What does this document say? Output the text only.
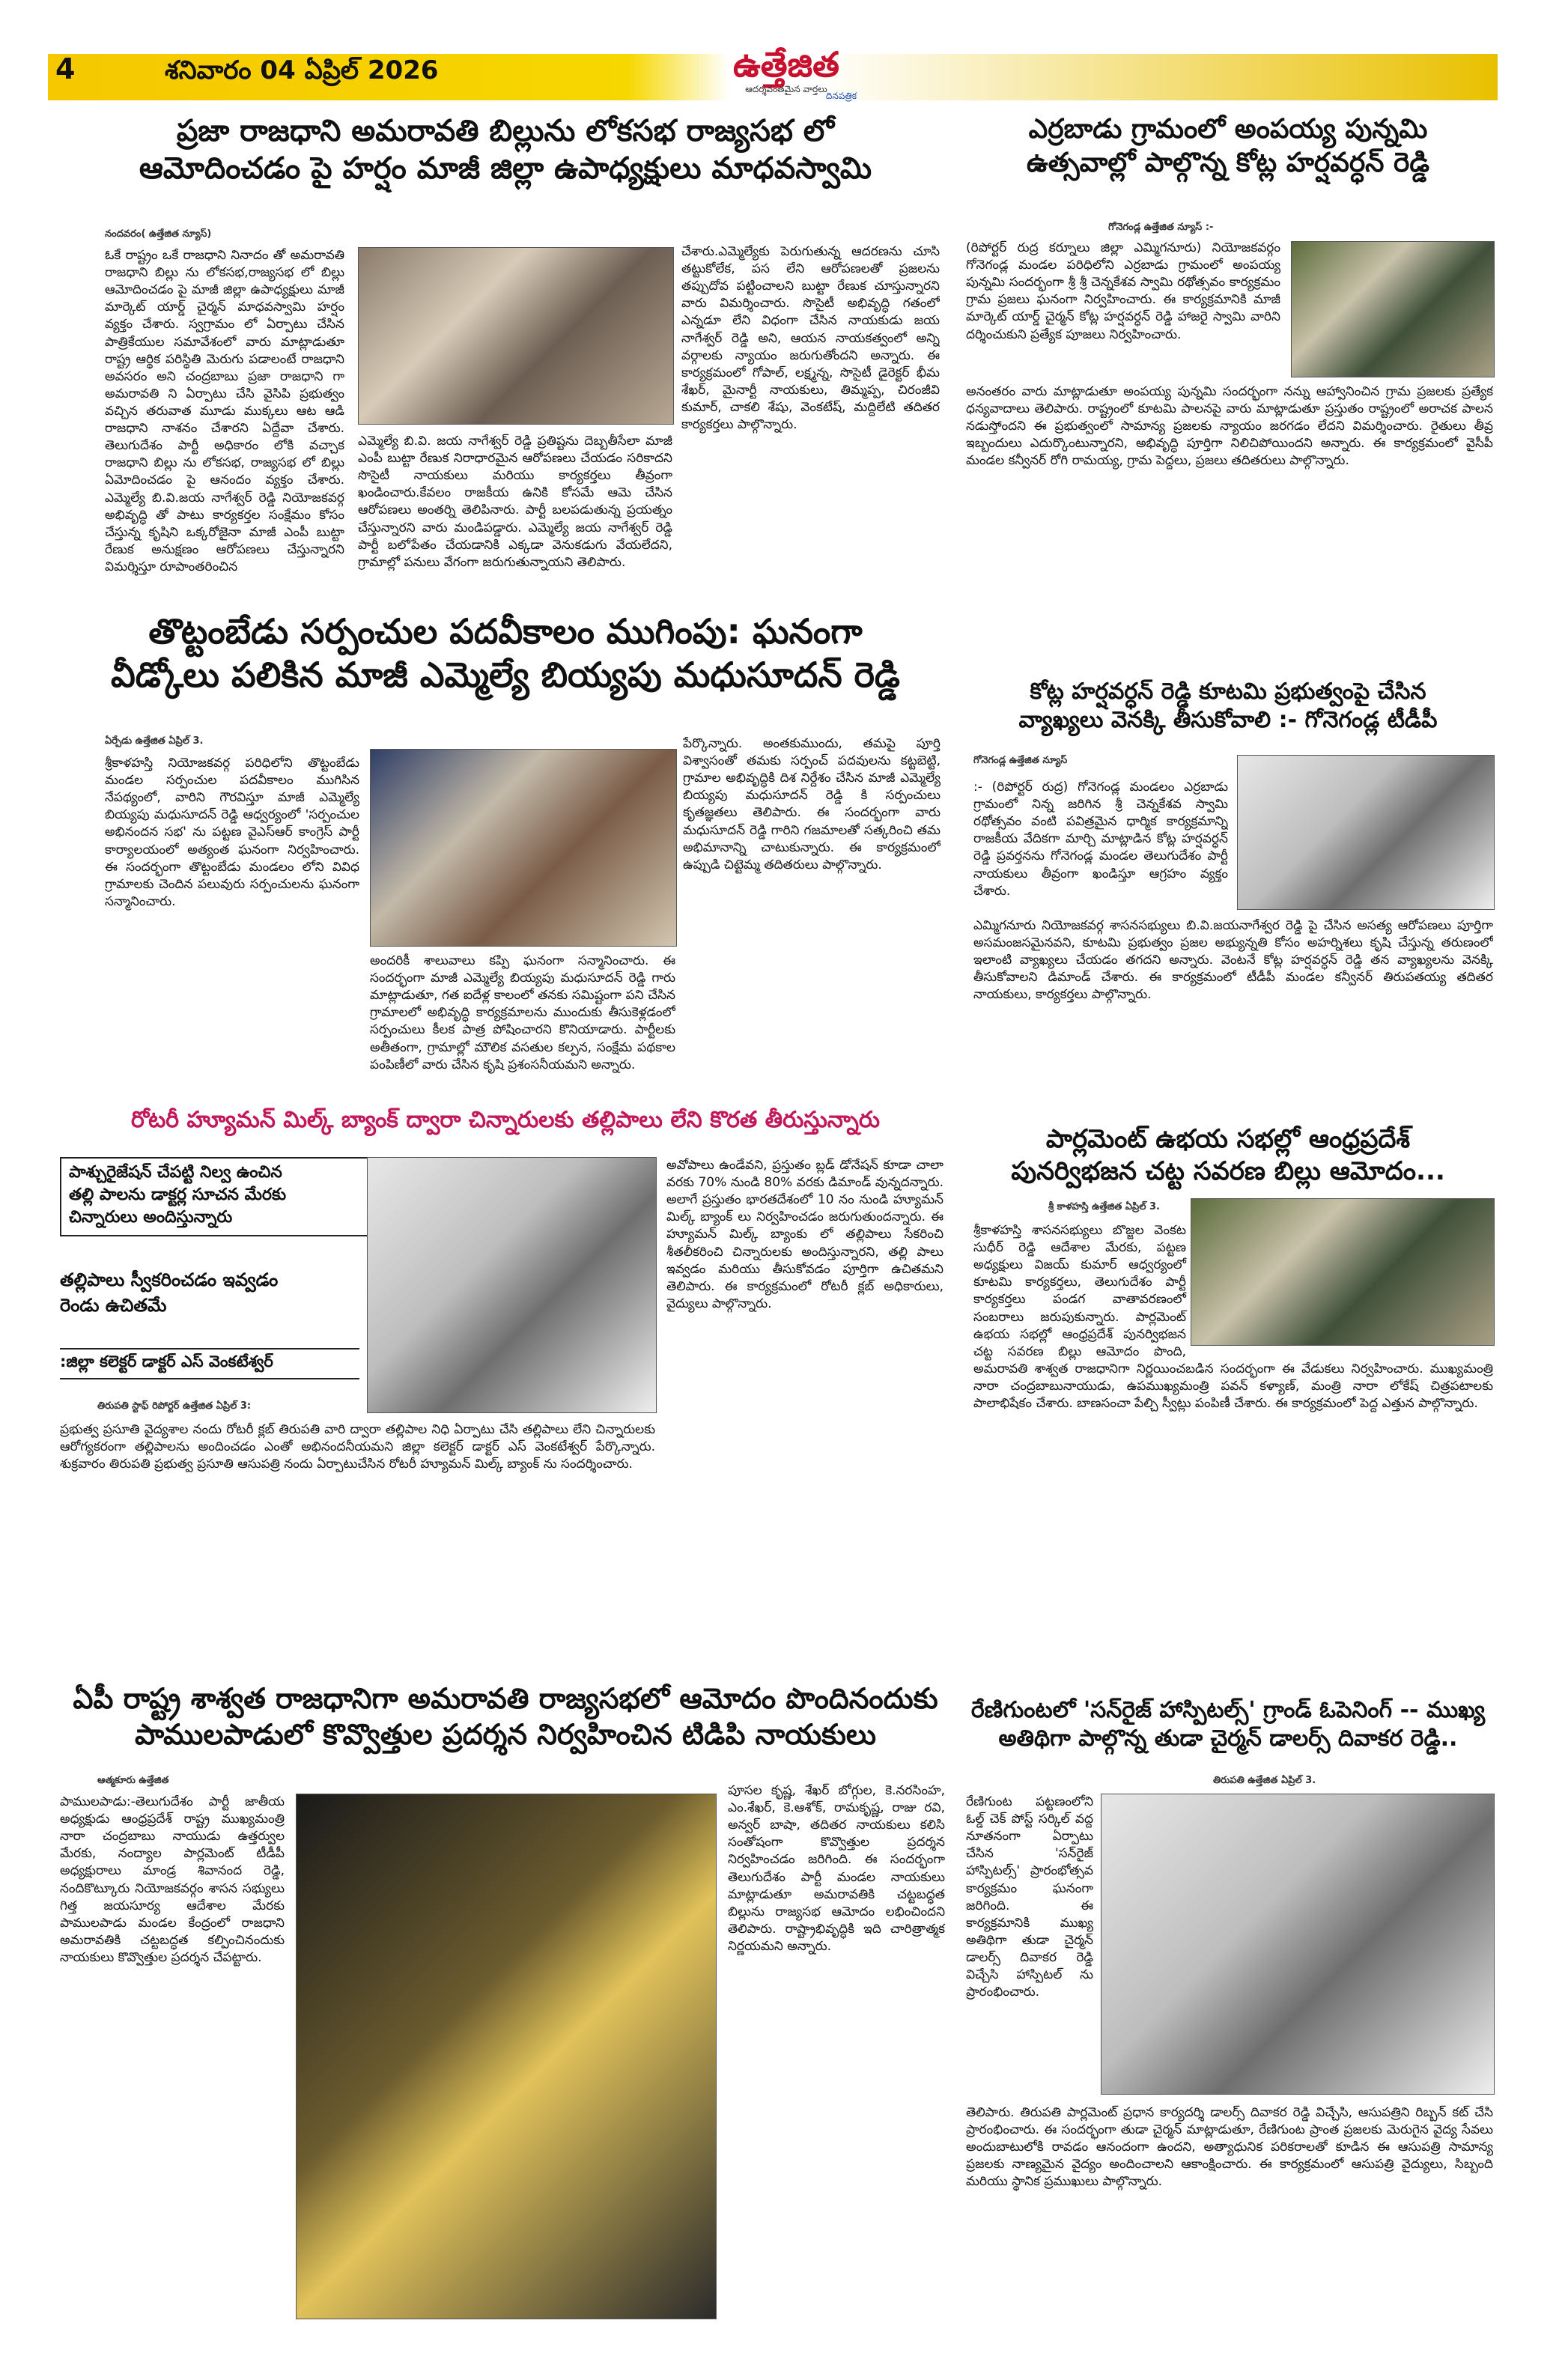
4	శనివారం 04 ఏప్రిల్ 2026	ఉత్తేజిత
ఆదర్శవంతమైన వార్తలు
దినపత్రిక
ప్రజా రాజధాని అమరావతి బిల్లును లోకసభ రాజ్యసభ లో
ఆమోదించడం పై హర్షం మాజీ జిల్లా ఉపాధ్యక్షులు మాధవస్వామి
నందవరం( ఉత్తేజిత న్యూస్)
ఓకే రాష్ట్రం ఒకే రాజధాని నినాదం తో అమరావతి రాజధాని బిల్లు ను లోకసభ,రాజ్యసభ లో బిల్లు ఆమోదించడం పై మాజీ జిల్లా ఉపాధ్యక్షులు మాజీ మార్కెట్ యార్డ్ చైర్మన్ మాధవస్వామి హర్షం వ్యక్తం చేశారు. స్వగ్రామం లో ఏర్పాటు చేసిన పాత్రికేయుల సమావేశంలో వారు మాట్లాడుతూ రాష్ట్ర ఆర్థిక పరిస్థితి మెరుగు పడాలంటే రాజధాని అవసరం అని చంద్రబాబు ప్రజా రాజధాని గా అమరావతి ని ఏర్పాటు చేసి వైసిపి ప్రభుత్వం వచ్చిన తరువాత మూడు ముక్కలు ఆట ఆడి రాజధాని నాశనం చేశారని ఏద్దేవా చేశారు. తెలుగుదేశం పార్టీ అధికారం లోకి వచ్చాక రాజధాని బిల్లు ను లోకసభ, రాజ్యసభ లో బిల్లు ఏమోదించడం పై ఆనందం వ్యక్తం చేశారు. ఎమ్మెల్యే బి.వి.జయ నాగేశ్వర్ రెడ్డి నియోజకవర్గ అభివృద్ధి తో పాటు కార్యకర్తల సంక్షేమం కోసం చేస్తున్న కృషిని ఒక్కరోజైనా మాజీ ఎంపీ బుట్టా రేణుక అనుక్షణం ఆరోపణలు చేస్తున్నారని విమర్శిస్తూ రూపాంతరించిన
ఎమ్మెల్యే బి.వి. జయ నాగేశ్వర్ రెడ్డి ప్రతిష్టను దెబ్బతీసేలా మాజీ ఎంపీ బుట్టా రేణుక నిరాధారమైన ఆరోపణలు చేయడం సరికాదని సొసైటీ నాయకులు మరియు కార్యకర్తలు తీవ్రంగా ఖండించారు.కేవలం రాజకీయ ఉనికి కోసమే ఆమె చేసిన ఆరోపణలు అంతర్ని తెలిపినారు. పార్టీ బలపడుతున్న ప్రయత్నం చేస్తున్నారని వారు మండిపడ్డారు. ఎమ్మెల్యే జయ నాగేశ్వర్ రెడ్డి పార్టీ బలోపేతం చేయడానికి ఎక్కడా వెనుకడుగు వేయలేదని, గ్రామాల్లో పనులు వేగంగా జరుగుతున్నాయని తెలిపారు.
చేశారు.ఎమ్మెల్యేకు పెరుగుతున్న ఆదరణను చూసి తట్టుకోలేక, పస లేని ఆరోపణలతో ప్రజలను తప్పుదోవ పట్టించాలని బుట్టా రేణుక చూస్తున్నారని వారు విమర్శించారు. సొసైటీ అభివృద్ధి గతంలో ఎన్నడూ లేని విధంగా చేసిన నాయకుడు జయ నాగేశ్వర్ రెడ్డి అని, ఆయన నాయకత్వంలో అన్ని వర్గాలకు న్యాయం జరుగుతోందని అన్నారు. ఈ కార్యక్రమంలో గోపాల్, లక్ష్మన్న, సొసైటీ డైరెక్టర్ భీమ శేఖర్, మైనార్టీ నాయకులు, తిమ్మప్ప, చిరంజీవి కుమార్, చాకలి శేషు, వెంకటేష్, మద్దిలేటి తదితర కార్యకర్తలు పాల్గొన్నారు.
ఎర్రబాడు గ్రామంలో అంపయ్య పున్నమి
ఉత్సవాల్లో పాల్గొన్న కోట్ల హర్షవర్ధన్ రెడ్డి
గోనెగండ్ల ఉత్తేజిత న్యూస్ :-
(రిపోర్టర్ రుద్ర కర్నూలు జిల్లా ఎమ్మిగనూరు) నియోజకవర్గం గోనెగండ్ల మండల పరిధిలోని ఎర్రబాడు గ్రామంలో అంపయ్య పున్నమి సందర్భంగా శ్రీ శ్రీ చెన్నకేశవ స్వామి రథోత్సవం కార్యక్రమం గ్రామ ప్రజలు ఘనంగా నిర్వహించారు. ఈ కార్యక్రమానికి మాజీ మార్కెట్ యార్డ్ చైర్మన్ కోట్ల హర్షవర్ధన్ రెడ్డి హాజరై స్వామి వారిని దర్శించుకుని ప్రత్యేక పూజలు నిర్వహించారు.
అనంతరం వారు మాట్లాడుతూ అంపయ్య పున్నమి సందర్భంగా నన్ను ఆహ్వానించిన గ్రామ ప్రజలకు ప్రత్యేక ధన్యవాదాలు తెలిపారు. రాష్ట్రంలో కూటమి పాలనపై వారు మాట్లాడుతూ ప్రస్తుతం రాష్ట్రంలో అరాచక పాలన నడుస్తోందని ఈ ప్రభుత్వంలో సామాన్య ప్రజలకు న్యాయం జరగడం లేదని విమర్శించారు. రైతులు తీవ్ర ఇబ్బందులు ఎదుర్కొంటున్నారని, అభివృద్ధి పూర్తిగా నిలిచిపోయిందని అన్నారు. ఈ కార్యక్రమంలో వైసీపీ మండల కన్వీనర్ రోగి రామయ్య, గ్రామ పెద్దలు, ప్రజలు తదితరులు పాల్గొన్నారు.
తొట్టంబేడు సర్పంచుల పదవీకాలం ముగింపు: ఘనంగా
వీడ్కోలు పలికిన మాజీ ఎమ్మెల్యే బియ్యపు మధుసూదన్ రెడ్డి
ఏర్పేడు ఉత్తేజిత ఏప్రిల్ 3.
శ్రీకాళహస్తి నియోజకవర్గ పరిధిలోని తొట్టంబేడు మండల సర్పంచుల పదవీకాలం ముగిసిన నేపథ్యంలో, వారిని గౌరవిస్తూ మాజీ ఎమ్మెల్యే బియ్యపు మధుసూదన్ రెడ్డి ఆధ్వర్యంలో 'సర్పంచుల అభినందన సభ' ను పట్టణ వైఎస్ఆర్ కాంగ్రెస్ పార్టీ కార్యాలయంలో అత్యంత ఘనంగా నిర్వహించారు. ఈ సందర్భంగా తొట్టంబేడు మండలం లోని వివిధ గ్రామాలకు చెందిన పలువురు సర్పంచులను ఘనంగా సన్మానించారు.
అందరికీ శాలువాలు కప్పి ఘనంగా సన్మానించారు. ఈ సందర్భంగా మాజీ ఎమ్మెల్యే బియ్యపు మధుసూదన్ రెడ్డి గారు మాట్లాడుతూ, గత ఐదేళ్ల కాలంలో తనకు సమిష్టంగా పని చేసిన గ్రామాలలో అభివృద్ధి కార్యక్రమాలను ముందుకు తీసుకెళ్లడంలో సర్పంచులు కీలక పాత్ర పోషించారని కొనియాడారు. పార్టీలకు అతీతంగా, గ్రామాల్లో మౌలిక వసతుల కల్పన, సంక్షేమ పథకాల పంపిణీలో వారు చేసిన కృషి ప్రశంసనీయమని అన్నారు.
పేర్కొన్నారు. అంతకుముందు, తమపై పూర్తి విశ్వాసంతో తమకు సర్పంచ్ పదవులను కట్టబెట్టి, గ్రామాల అభివృద్ధికి దిశ నిర్దేశం చేసిన మాజీ ఎమ్మెల్యే బియ్యపు మధుసూదన్ రెడ్డి కి సర్పంచులు కృతజ్ఞతలు తెలిపారు. ఈ సందర్భంగా వారు మధుసూదన్ రెడ్డి గారిని గజమాలతో సత్కరించి తమ అభిమానాన్ని చాటుకున్నారు. ఈ కార్యక్రమంలో ఉప్పుడి చిట్టెమ్మ తదితరులు పాల్గొన్నారు.
కోట్ల హర్షవర్ధన్ రెడ్డి కూటమి ప్రభుత్వంపై చేసిన
వ్యాఖ్యలు వెనక్కి తీసుకోవాలి :- గోనెగండ్ల టీడీపీ
గోనెగండ్ల ఉత్తేజిత న్యూస్
:- (రిపోర్టర్ రుద్ర) గోనెగండ్ల మండలం ఎర్రబాడు గ్రామంలో నిన్న జరిగిన శ్రీ చెన్నకేశవ స్వామి రథోత్సవం వంటి పవిత్రమైన ధార్మిక కార్యక్రమాన్ని రాజకీయ వేదికగా మార్చి మాట్లాడిన కోట్ల హర్షవర్ధన్ రెడ్డి ప్రవర్తనను గోనెగండ్ల మండల తెలుగుదేశం పార్టీ నాయకులు తీవ్రంగా ఖండిస్తూ ఆగ్రహం వ్యక్తం చేశారు.
ఎమ్మిగనూరు నియోజకవర్గ శాసనసభ్యులు బి.వి.జయనాగేశ్వర రెడ్డి పై చేసిన అసత్య ఆరోపణలు పూర్తిగా అసమంజసమైనవని, కూటమి ప్రభుత్వం ప్రజల అభ్యున్నతి కోసం అహర్నిశలు కృషి చేస్తున్న తరుణంలో ఇలాంటి వ్యాఖ్యలు చేయడం తగదని అన్నారు. వెంటనే కోట్ల హర్షవర్ధన్ రెడ్డి తన వ్యాఖ్యలను వెనక్కి తీసుకోవాలని డిమాండ్ చేశారు. ఈ కార్యక్రమంలో టీడీపీ మండల కన్వీనర్ తిరుపతయ్య తదితర నాయకులు, కార్యకర్తలు పాల్గొన్నారు.
రోటరీ హ్యూమన్ మిల్క్ బ్యాంక్ ద్వారా చిన్నారులకు తల్లిపాలు లేని కొరత తీరుస్తున్నారు
పాశ్చురైజేషన్ చేపట్టి నిల్వ ఉంచిన
తల్లి పాలను డాక్టర్ల సూచన మేరకు
చిన్నారులు అందిస్తున్నారు
తల్లిపాలు స్వీకరించడం ఇవ్వడం
రెండు ఉచితమే
:జిల్లా కలెక్టర్ డాక్టర్ ఎస్ వెంకటేశ్వర్
తిరుపతి స్టాఫ్ రిపోర్టర్ ఉత్తేజిత ఏప్రిల్ 3:
ప్రభుత్వ ప్రసూతి వైద్యశాల నందు రోటరీ క్లబ్ తిరుపతి వారి ద్వారా తల్లిపాల నిధి ఏర్పాటు చేసి తల్లిపాలు లేని చిన్నారులకు ఆరోగ్యకరంగా తల్లిపాలను అందించడం ఎంతో అభినందనీయమని జిల్లా కలెక్టర్ డాక్టర్ ఎస్ వెంకటేశ్వర్ పేర్కొన్నారు. శుక్రవారం తిరుపతి ప్రభుత్వ ప్రసూతి ఆసుపత్రి నందు ఏర్పాటుచేసిన రోటరీ హ్యూమన్ మిల్క్ బ్యాంక్ ను సందర్శించారు.
అవోపాలు ఉండేవని, ప్రస్తుతం బ్లడ్ డోనేషన్ కూడా చాలా వరకు 70% నుండి 80% వరకు డిమాండ్ వున్నదన్నారు. అలాగే ప్రస్తుతం భారతదేశంలో 10 నం నుండి హ్యూమన్ మిల్క్ బ్యాంక్ లు నిర్వహించడం జరుగుతుందన్నారు. ఈ హ్యూమన్ మిల్క్ బ్యాంకు లో తల్లిపాలు సేకరించి శీతలీకరించి చిన్నారులకు అందిస్తున్నారని, తల్లి పాలు ఇవ్వడం మరియు తీసుకోవడం పూర్తిగా ఉచితమని తెలిపారు. ఈ కార్యక్రమంలో రోటరీ క్లబ్ అధికారులు, వైద్యులు పాల్గొన్నారు.
పార్లమెంట్ ఉభయ సభల్లో ఆంధ్రప్రదేశ్
పునర్విభజన చట్ట సవరణ బిల్లు ఆమోదం...
శ్రీ కాళహస్తి ఉత్తేజిత ఏప్రిల్ 3.
శ్రీకాళహస్తి శాసనసభ్యులు బొజ్జల వెంకట సుధీర్ రెడ్డి ఆదేశాల మేరకు, పట్టణ అధ్యక్షులు విజయ్ కుమార్ ఆధ్వర్యంలో కూటమి కార్యకర్తలు, తెలుగుదేశం పార్టీ కార్యకర్తలు పండగ వాతావరణంలో సంబరాలు జరుపుకున్నారు. పార్లమెంట్ ఉభయ సభల్లో ఆంధ్రప్రదేశ్ పునర్విభజన చట్ట సవరణ బిల్లు ఆమోదం పొంది, అమరావతి శాశ్వత రాజధానిగా నిర్ణయించబడిన సందర్భంగా ఈ వేడుకలు నిర్వహించారు. ముఖ్యమంత్రి నారా చంద్రబాబునాయుడు, ఉపముఖ్యమంత్రి పవన్ కళ్యాణ్, మంత్రి నారా లోకేష్ చిత్రపటాలకు పాలాభిషేకం చేశారు. బాణసంచా పేల్చి స్వీట్లు పంపిణీ చేశారు. ఈ కార్యక్రమంలో పెద్ద ఎత్తున పాల్గొన్నారు.
ఏపీ రాష్ట్ర శాశ్వత రాజధానిగా అమరావతి రాజ్యసభలో ఆమోదం పొందినందుకు
పాములపాడులో కొవ్వొత్తుల ప్రదర్శన నిర్వహించిన టిడిపి నాయకులు
ఆత్మకూరు ఉత్తేజిత
పాములపాడు:-తెలుగుదేశం పార్టీ జాతీయ అధ్యక్షుడు ఆంధ్రప్రదేశ్ రాష్ట్ర ముఖ్యమంత్రి నారా చంద్రబాబు నాయుడు ఉత్తర్వుల మేరకు, నంద్యాల పార్లమెంట్ టీడీపీ అధ్యక్షురాలు మాండ్ర శివానంద రెడ్డి, నందికొట్కూరు నియోజకవర్గం శాసన సభ్యులు గిత్త జయసూర్య ఆదేశాల మేరకు పాములపాడు మండల కేంద్రంలో రాజధాని అమరావతికి చట్టబద్ధత కల్పించినందుకు నాయకులు కొవ్వొత్తుల ప్రదర్శన చేపట్టారు.
పూసల కృష్ణ, శేఖర్ బోగ్గుల, కె.నరసింహ, ఎం.శేఖర్, కె.ఆశోక్, రామకృష్ణ, రాజు రవి, అన్వర్ బాషా, తదితర నాయకులు కలిసి సంతోషంగా కొవ్వొత్తుల ప్రదర్శన నిర్వహించడం జరిగింది. ఈ సందర్భంగా తెలుగుదేశం పార్టీ మండల నాయకులు మాట్లాడుతూ అమరావతికి చట్టబద్ధత బిల్లును రాజ్యసభ ఆమోదం లభించిందని తెలిపారు. రాష్ట్రాభివృద్ధికి ఇది చారిత్రాత్మక నిర్ణయమని అన్నారు.
రేణిగుంటలో 'సన్‌రైజ్ హాస్పిటల్స్' గ్రాండ్ ఓపెనింగ్ -- ముఖ్య
అతిథిగా పాల్గొన్న తుడా చైర్మన్ డాలర్స్ దివాకర రెడ్డి..
తిరుపతి ఉత్తేజిత ఏప్రిల్ 3.
రేణిగుంట పట్టణంలోని ఓల్డ్ చెక్ పోస్ట్ సర్కిల్ వద్ద నూతనంగా ఏర్పాటు చేసిన 'సన్‌రైజ్ హాస్పిటల్స్' ప్రారంభోత్సవ కార్యక్రమం ఘనంగా జరిగింది. ఈ కార్యక్రమానికి ముఖ్య అతిథిగా తుడా చైర్మన్ డాలర్స్ దివాకర రెడ్డి విచ్చేసి హాస్పిటల్ ను ప్రారంభించారు.
తెలిపారు. తిరుపతి పార్లమెంట్ ప్రధాన కార్యదర్శి డాలర్స్ దివాకర రెడ్డి విచ్చేసి, ఆసుపత్రిని రిబ్బన్ కట్ చేసి ప్రారంభించారు. ఈ సందర్భంగా తుడా చైర్మన్ మాట్లాడుతూ, రేణిగుంట ప్రాంత ప్రజలకు మెరుగైన వైద్య సేవలు అందుబాటులోకి రావడం ఆనందంగా ఉందని, అత్యాధునిక పరికరాలతో కూడిన ఈ ఆసుపత్రి సామాన్య ప్రజలకు నాణ్యమైన వైద్యం అందించాలని ఆకాంక్షించారు. ఈ కార్యక్రమంలో ఆసుపత్రి వైద్యులు, సిబ్బంది మరియు స్థానిక ప్రముఖులు పాల్గొన్నారు.
